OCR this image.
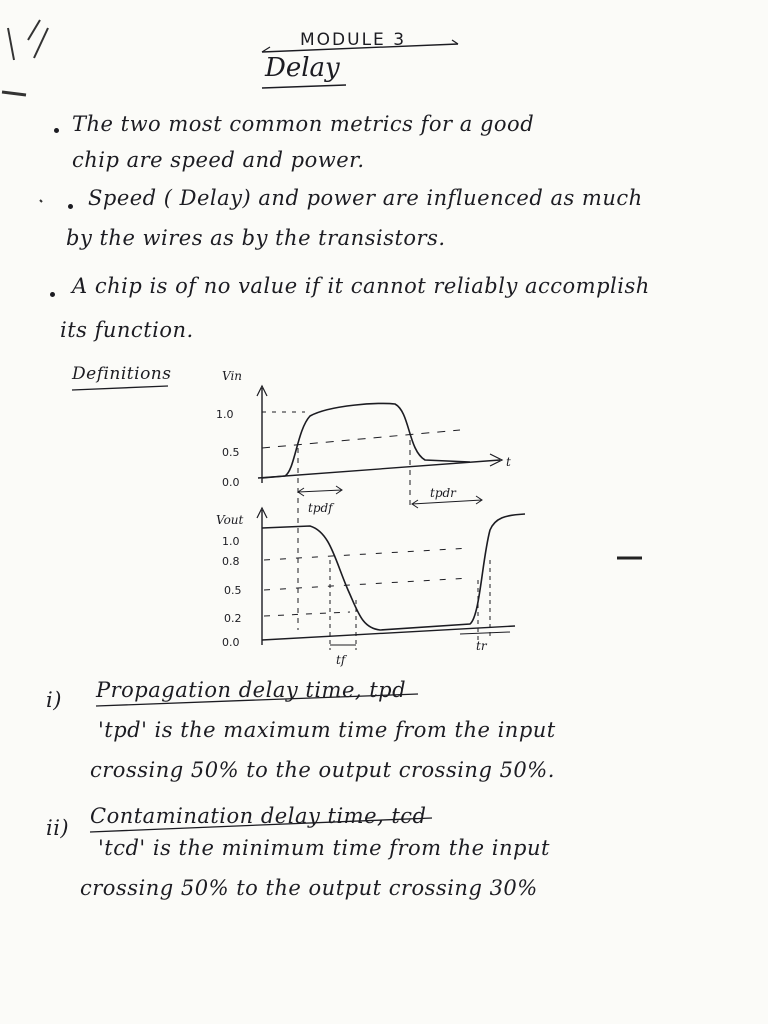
MODULE 3
Delay
The two most common metrics for a good
chip are speed and power.
Speed ( Delay) and power are influenced as much
by the wires as by the transistors.
A chip is of no value if it cannot reliably accomplish
its function.
Definitions
t
Vin
1.0
0.5
0.0
tpdf
tpdr
Vout
1.0
0.8
0.5
0.2
0.0
tf
tr
i) Propagation delay time, tpd
'tpd' is the maximum time from the input
crossing 50% to the output crossing 50%.
ii) Contamination delay time, tcd
'tcd' is the minimum time from the input
crossing 50% to the output crossing 30%
